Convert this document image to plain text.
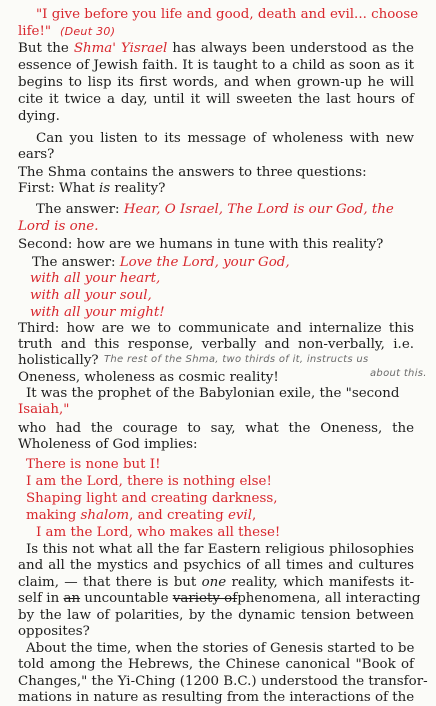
"I give before you life and good, death and evil... choose
life!" (Deut 30)
But the Shma' Yisrael has always been understood as the
essence of Jewish faith. It is taught to a child as soon as it
begins to lisp its first words, and when grown-up he will
cite it twice a day, until it will sweeten the last hours of
dying.
Can you listen to its message of wholeness with new
ears?
The Shma contains the answers to three questions:
First: What is reality?
The answer: Hear, O Israel, The Lord is our God, the
Lord is one.
Second: how are we humans in tune with this reality?
The answer: Love the Lord, your God,
with all your heart,
with all your soul,
with all your might!
Third: how are we to communicate and internalize this
truth and this response, verbally and non-verbally, i.e.
holistically? The rest of the Shma, two thirds of it, instructs us
about this.
Oneness, wholeness as cosmic reality!
It was the prophet of the Babylonian exile, the "second
Isaiah,"
who had the courage to say, what the Oneness, the
Wholeness of God implies:
There is none but I!
I am the Lord, there is nothing else!
Shaping light and creating darkness,
making shalom, and creating evil,
I am the Lord, who makes all these!
Is this not what all the far Eastern religious philosophies
and all the mystics and psychics of all times and cultures
claim, — that there is but one reality, which manifests it-
self in an uncountable variety ofphenomena, all interacting
by the law of polarities, by the dynamic tension between
opposites?
About the time, when the stories of Genesis started to be
told among the Hebrews, the Chinese canonical "Book of
Changes," the Yi-Ching (1200 B.C.) understood the transfor-
mations in nature as resulting from the interactions of the
